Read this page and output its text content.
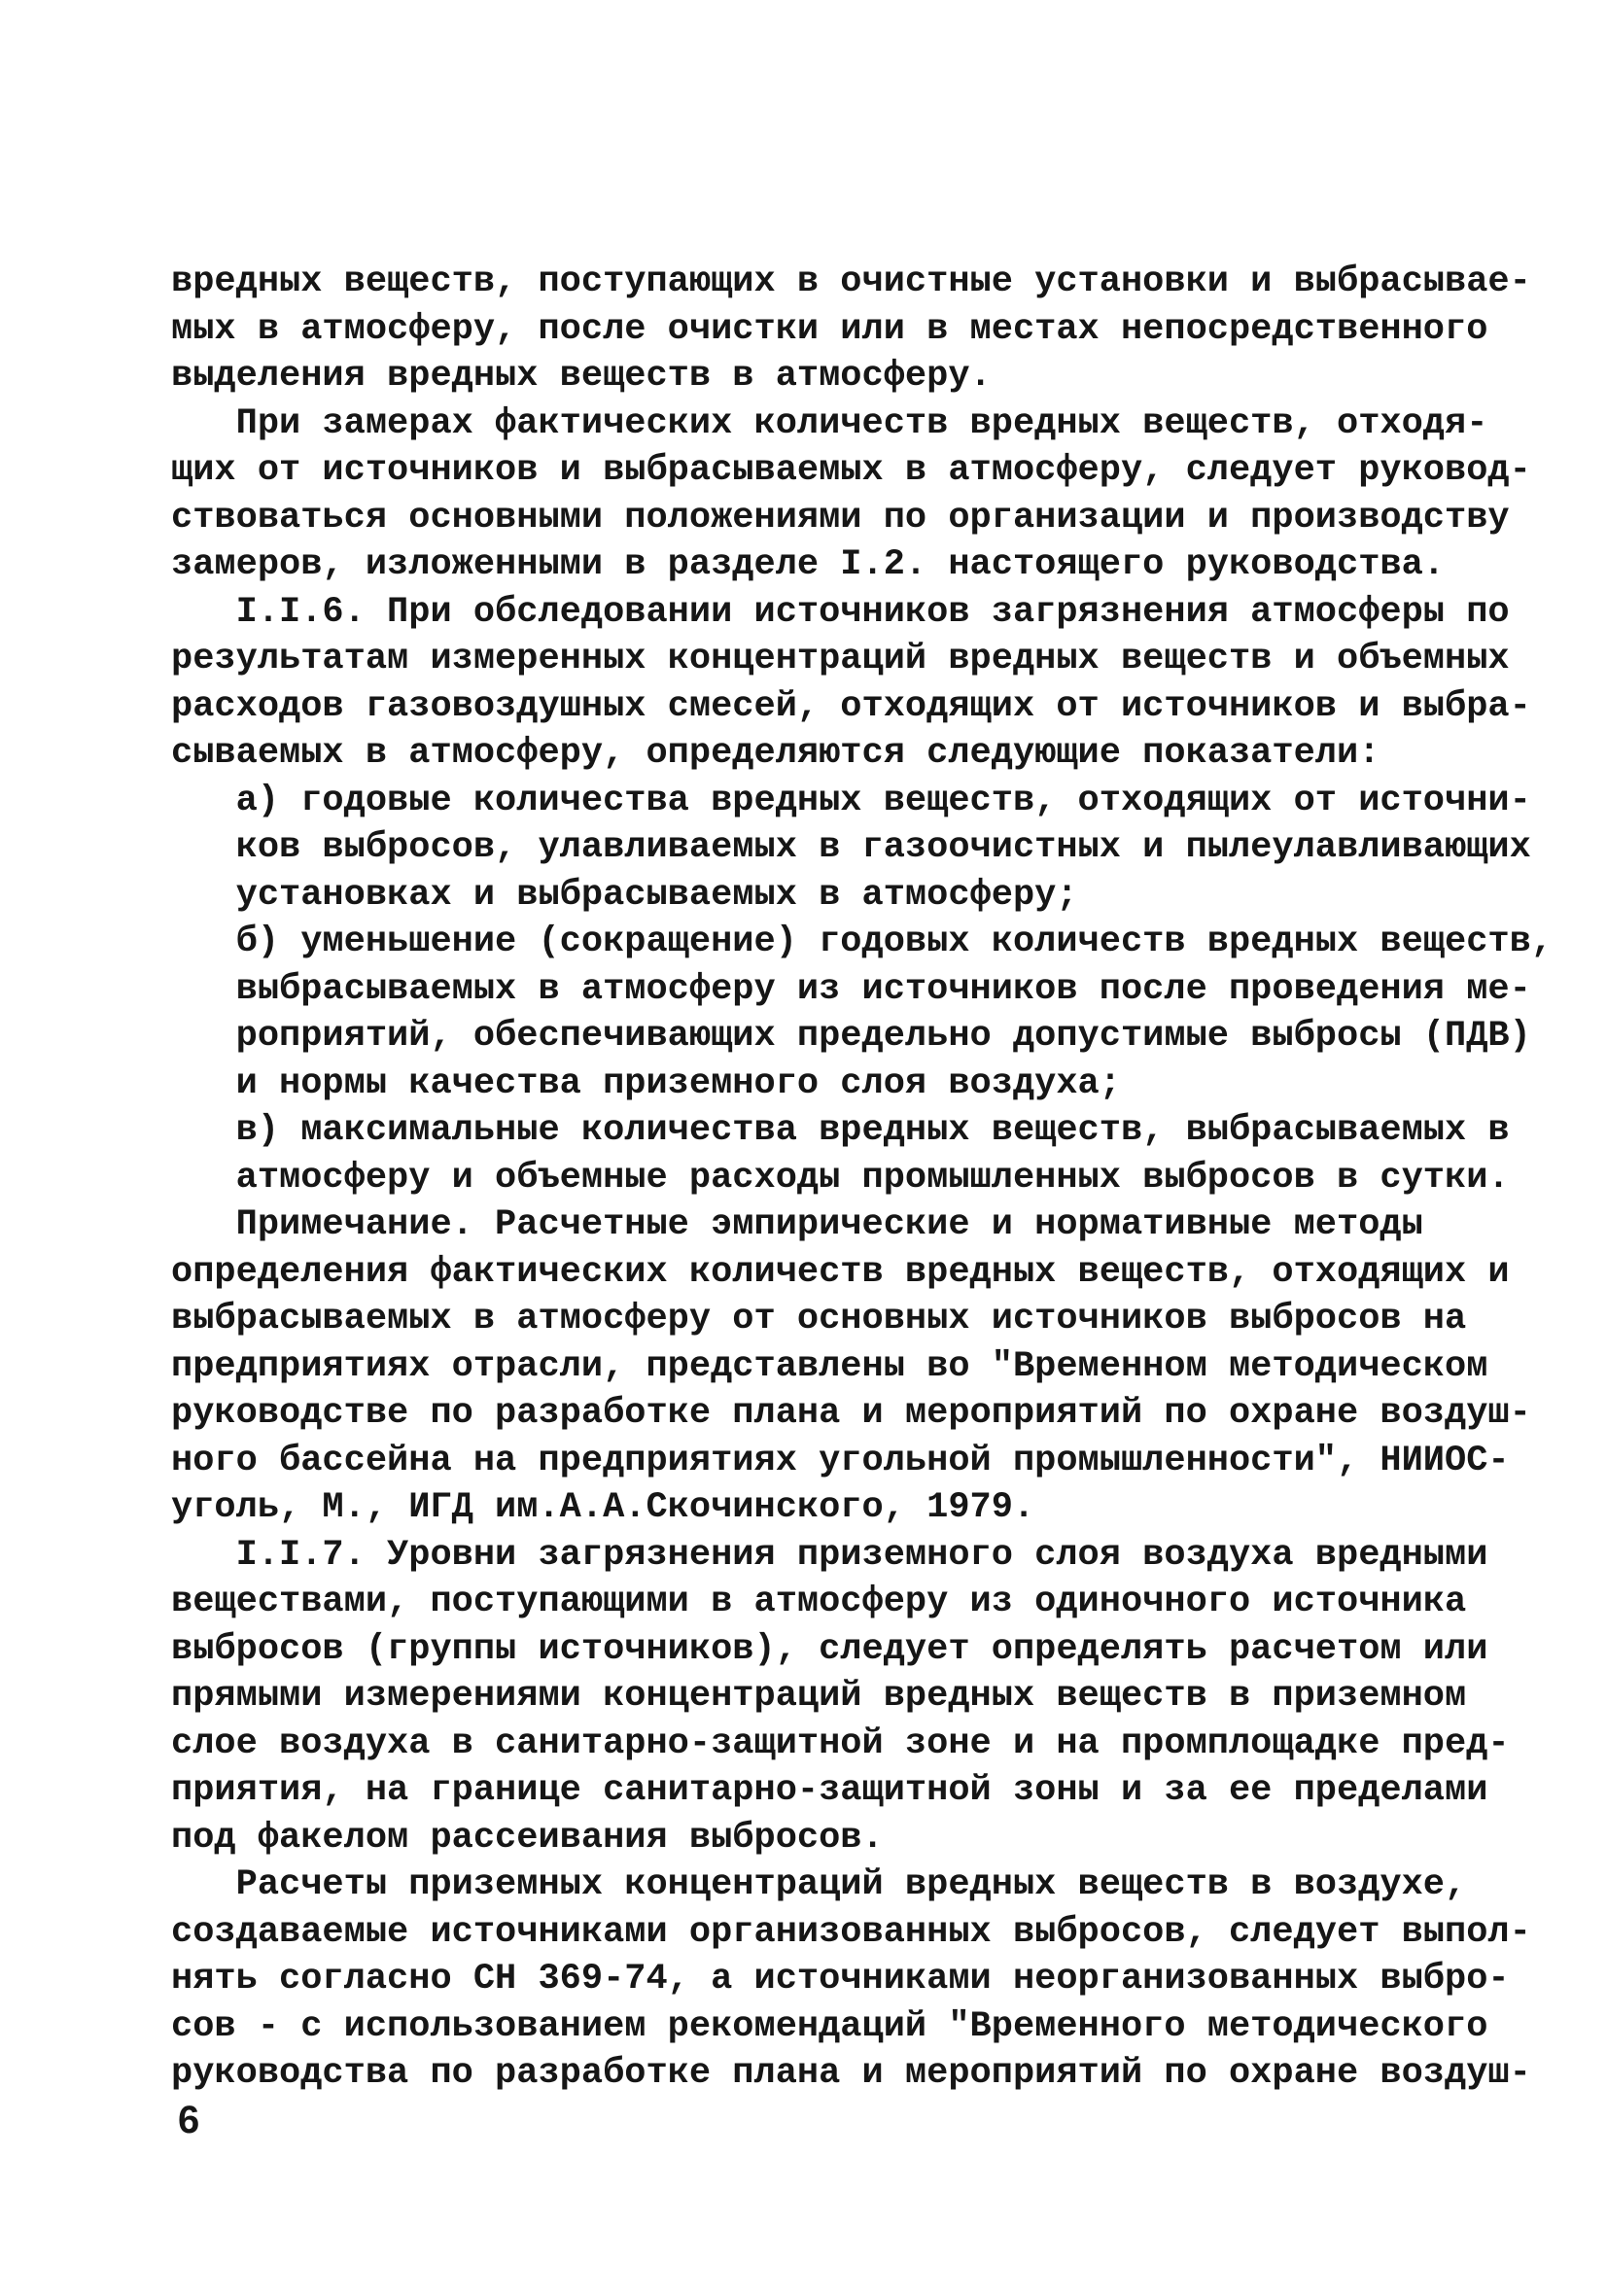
вредных веществ, поступающих в очистные установки и выбрасывае-
мых в атмосферу, после очистки или в местах непосредственного
выделения вредных веществ в атмосферу.
При замерах фактических количеств вредных веществ, отходя-
щих от источников и выбрасываемых в атмосферу, следует руковод-
ствоваться основными положениями по организации и производству
замеров, изложенными в разделе I.2. настоящего руководства.
I.I.6. При обследовании источников загрязнения атмосферы по
результатам измеренных концентраций вредных веществ и объемных
расходов газовоздушных смесей, отходящих от источников и выбра-
сываемых в атмосферу, определяются следующие показатели:
а) годовые количества вредных веществ, отходящих от источни-
ков выбросов, улавливаемых в газоочистных и пылеулавливающих
установках и выбрасываемых в атмосферу;
б) уменьшение (сокращение) годовых количеств вредных веществ,
выбрасываемых в атмосферу из источников после проведения ме-
роприятий, обеспечивающих предельно допустимые выбросы (ПДВ)
и нормы качества приземного слоя воздуха;
в) максимальные количества вредных веществ, выбрасываемых в
атмосферу и объемные расходы промышленных выбросов в сутки.
Примечание. Расчетные эмпирические и нормативные методы
определения фактических количеств вредных веществ, отходящих и
выбрасываемых в атмосферу от основных источников выбросов на
предприятиях отрасли, представлены во "Временном методическом
руководстве по разработке плана и мероприятий по охране воздуш-
ного бассейна на предприятиях угольной промышленности", НИИОС-
уголь, М., ИГД им.А.А.Скочинского, 1979.
I.I.7. Уровни загрязнения приземного слоя воздуха вредными
веществами, поступающими в атмосферу из одиночного источника
выбросов (группы источников), следует определять расчетом или
прямыми измерениями концентраций вредных веществ в приземном
слое воздуха в санитарно-защитной зоне и на промплощадке пред-
приятия, на границе санитарно-защитной зоны и за ее пределами
под факелом рассеивания выбросов.
Расчеты приземных концентраций вредных веществ в воздухе,
создаваемые источниками организованных выбросов, следует выпол-
нять согласно СН 369-74, а источниками неорганизованных выбро-
сов - с использованием рекомендаций "Временного методического
руководства по разработке плана и мероприятий по охране воздуш-
6
